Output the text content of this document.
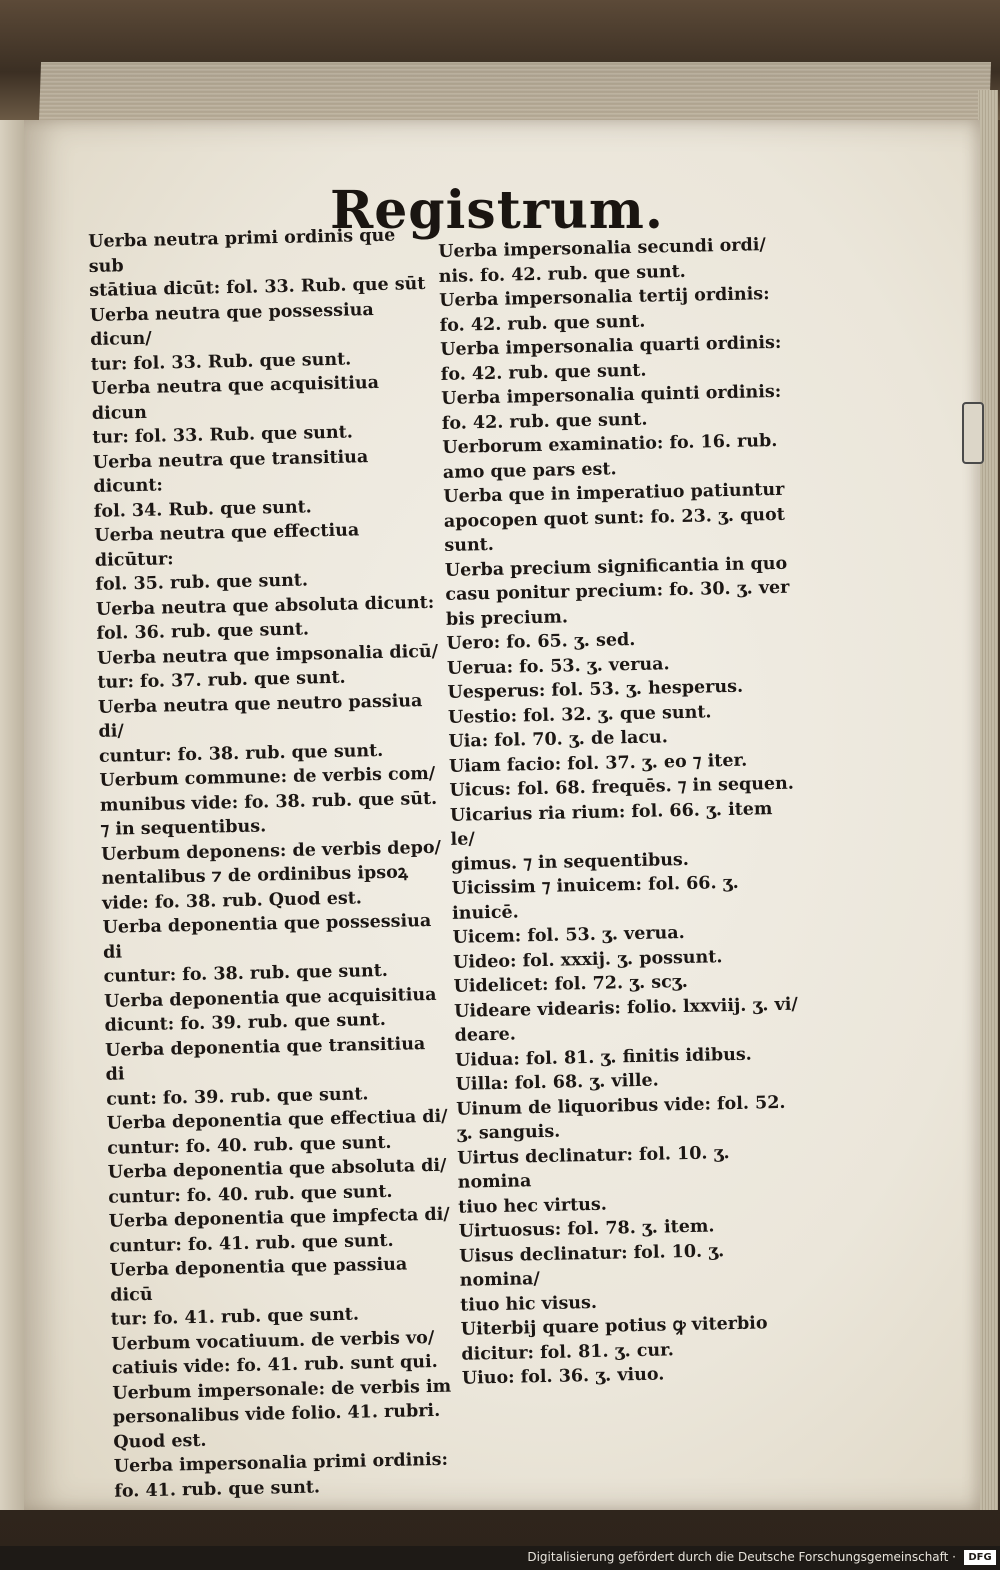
Registrum.
Uerba neutra primi ordinis que sub
stātiua dicūt: fol. 33. Rub. que sūt
Uerba neutra que possessiua dicun/
tur: fol. 33. Rub. que sunt.
Uerba neutra que acquisitiua dicun
tur: fol. 33. Rub. que sunt.
Uerba neutra que transitiua dicunt:
fol. 34. Rub. que sunt.
Uerba neutra que effectiua dicūtur:
fol. 35. rub. que sunt.
Uerba neutra que absoluta dicunt:
fol. 36. rub. que sunt.
Uerba neutra que impsonalia dicū/
tur: fo. 37. rub. que sunt.
Uerba neutra que neutro passiua di/
cuntur: fo. 38. rub. que sunt.
Uerbum commune: de verbis com/
munibus vide: fo. 38. rub. que sūt.
⁊ in sequentibus.
Uerbum deponens: de verbis depo/
nentalibus ⁊ de ordinibus ipsoꝝ
vide: fo. 38. rub. Quod est.
Uerba deponentia que possessiua di
cuntur: fo. 38. rub. que sunt.
Uerba deponentia que acquisitiua
dicunt: fo. 39. rub. que sunt.
Uerba deponentia que transitiua di
cunt: fo. 39. rub. que sunt.
Uerba deponentia que effectiua di/
cuntur: fo. 40. rub. que sunt.
Uerba deponentia que absoluta di/
cuntur: fo. 40. rub. que sunt.
Uerba deponentia que impfecta di/
cuntur: fo. 41. rub. que sunt.
Uerba deponentia que passiua dicū
tur: fo. 41. rub. que sunt.
Uerbum vocatiuum. de verbis vo/
catiuis vide: fo. 41. rub. sunt qui.
Uerbum impersonale: de verbis im
personalibus vide folio. 41. rubri.
Quod est.
Uerba impersonalia primi ordinis:
fo. 41. rub. que sunt.
Uerba impersonalia secundi ordi/
nis. fo. 42. rub. que sunt.
Uerba impersonalia tertij ordinis:
fo. 42. rub. que sunt.
Uerba impersonalia quarti ordinis:
fo. 42. rub. que sunt.
Uerba impersonalia quinti ordinis:
fo. 42. rub. que sunt.
Uerborum examinatio: fo. 16. rub.
amo que pars est.
Uerba que in imperatiuo patiuntur
apocopen quot sunt: fo. 23. ʒ. quot
sunt.
Uerba precium significantia in quo
casu ponitur precium: fo. 30. ʒ. ver
bis precium.
Uero: fo. 65. ʒ. sed.
Uerua: fo. 53. ʒ. verua.
Uesperus: fol. 53. ʒ. hesperus.
Uestio: fol. 32. ʒ. que sunt.
Uia: fol. 70. ʒ. de lacu.
Uiam facio: fol. 37. ʒ. eo ⁊ iter.
Uicus: fol. 68. frequēs. ⁊ in sequen.
Uicarius ria rium: fol. 66. ʒ. item le/
gimus. ⁊ in sequentibus.
Uicissim ⁊ inuicem: fol. 66. ʒ. inuicē.
Uicem: fol. 53. ʒ. verua.
Uideo: fol. xxxij. ʒ. possunt.
Uidelicet: fol. 72. ʒ. scʒ.
Uideare videaris: folio. lxxviij. ʒ. vi/
deare.
Uidua: fol. 81. ʒ. finitis idibus.
Uilla: fol. 68. ʒ. ville.
Uinum de liquoribus vide: fol. 52.
ʒ. sanguis.
Uirtus declinatur: fol. 10. ʒ. nomina
tiuo hec virtus.
Uirtuosus: fol. 78. ʒ. item.
Uisus declinatur: fol. 10. ʒ. nomina/
tiuo hic visus.
Uiterbij quare potius ꝙ viterbio
dicitur: fol. 81. ʒ. cur.
Uiuo: fol. 36. ʒ. viuo.
Digitalisierung gefördert durch die Deutsche Forschungsgemeinschaft ·	DFG
